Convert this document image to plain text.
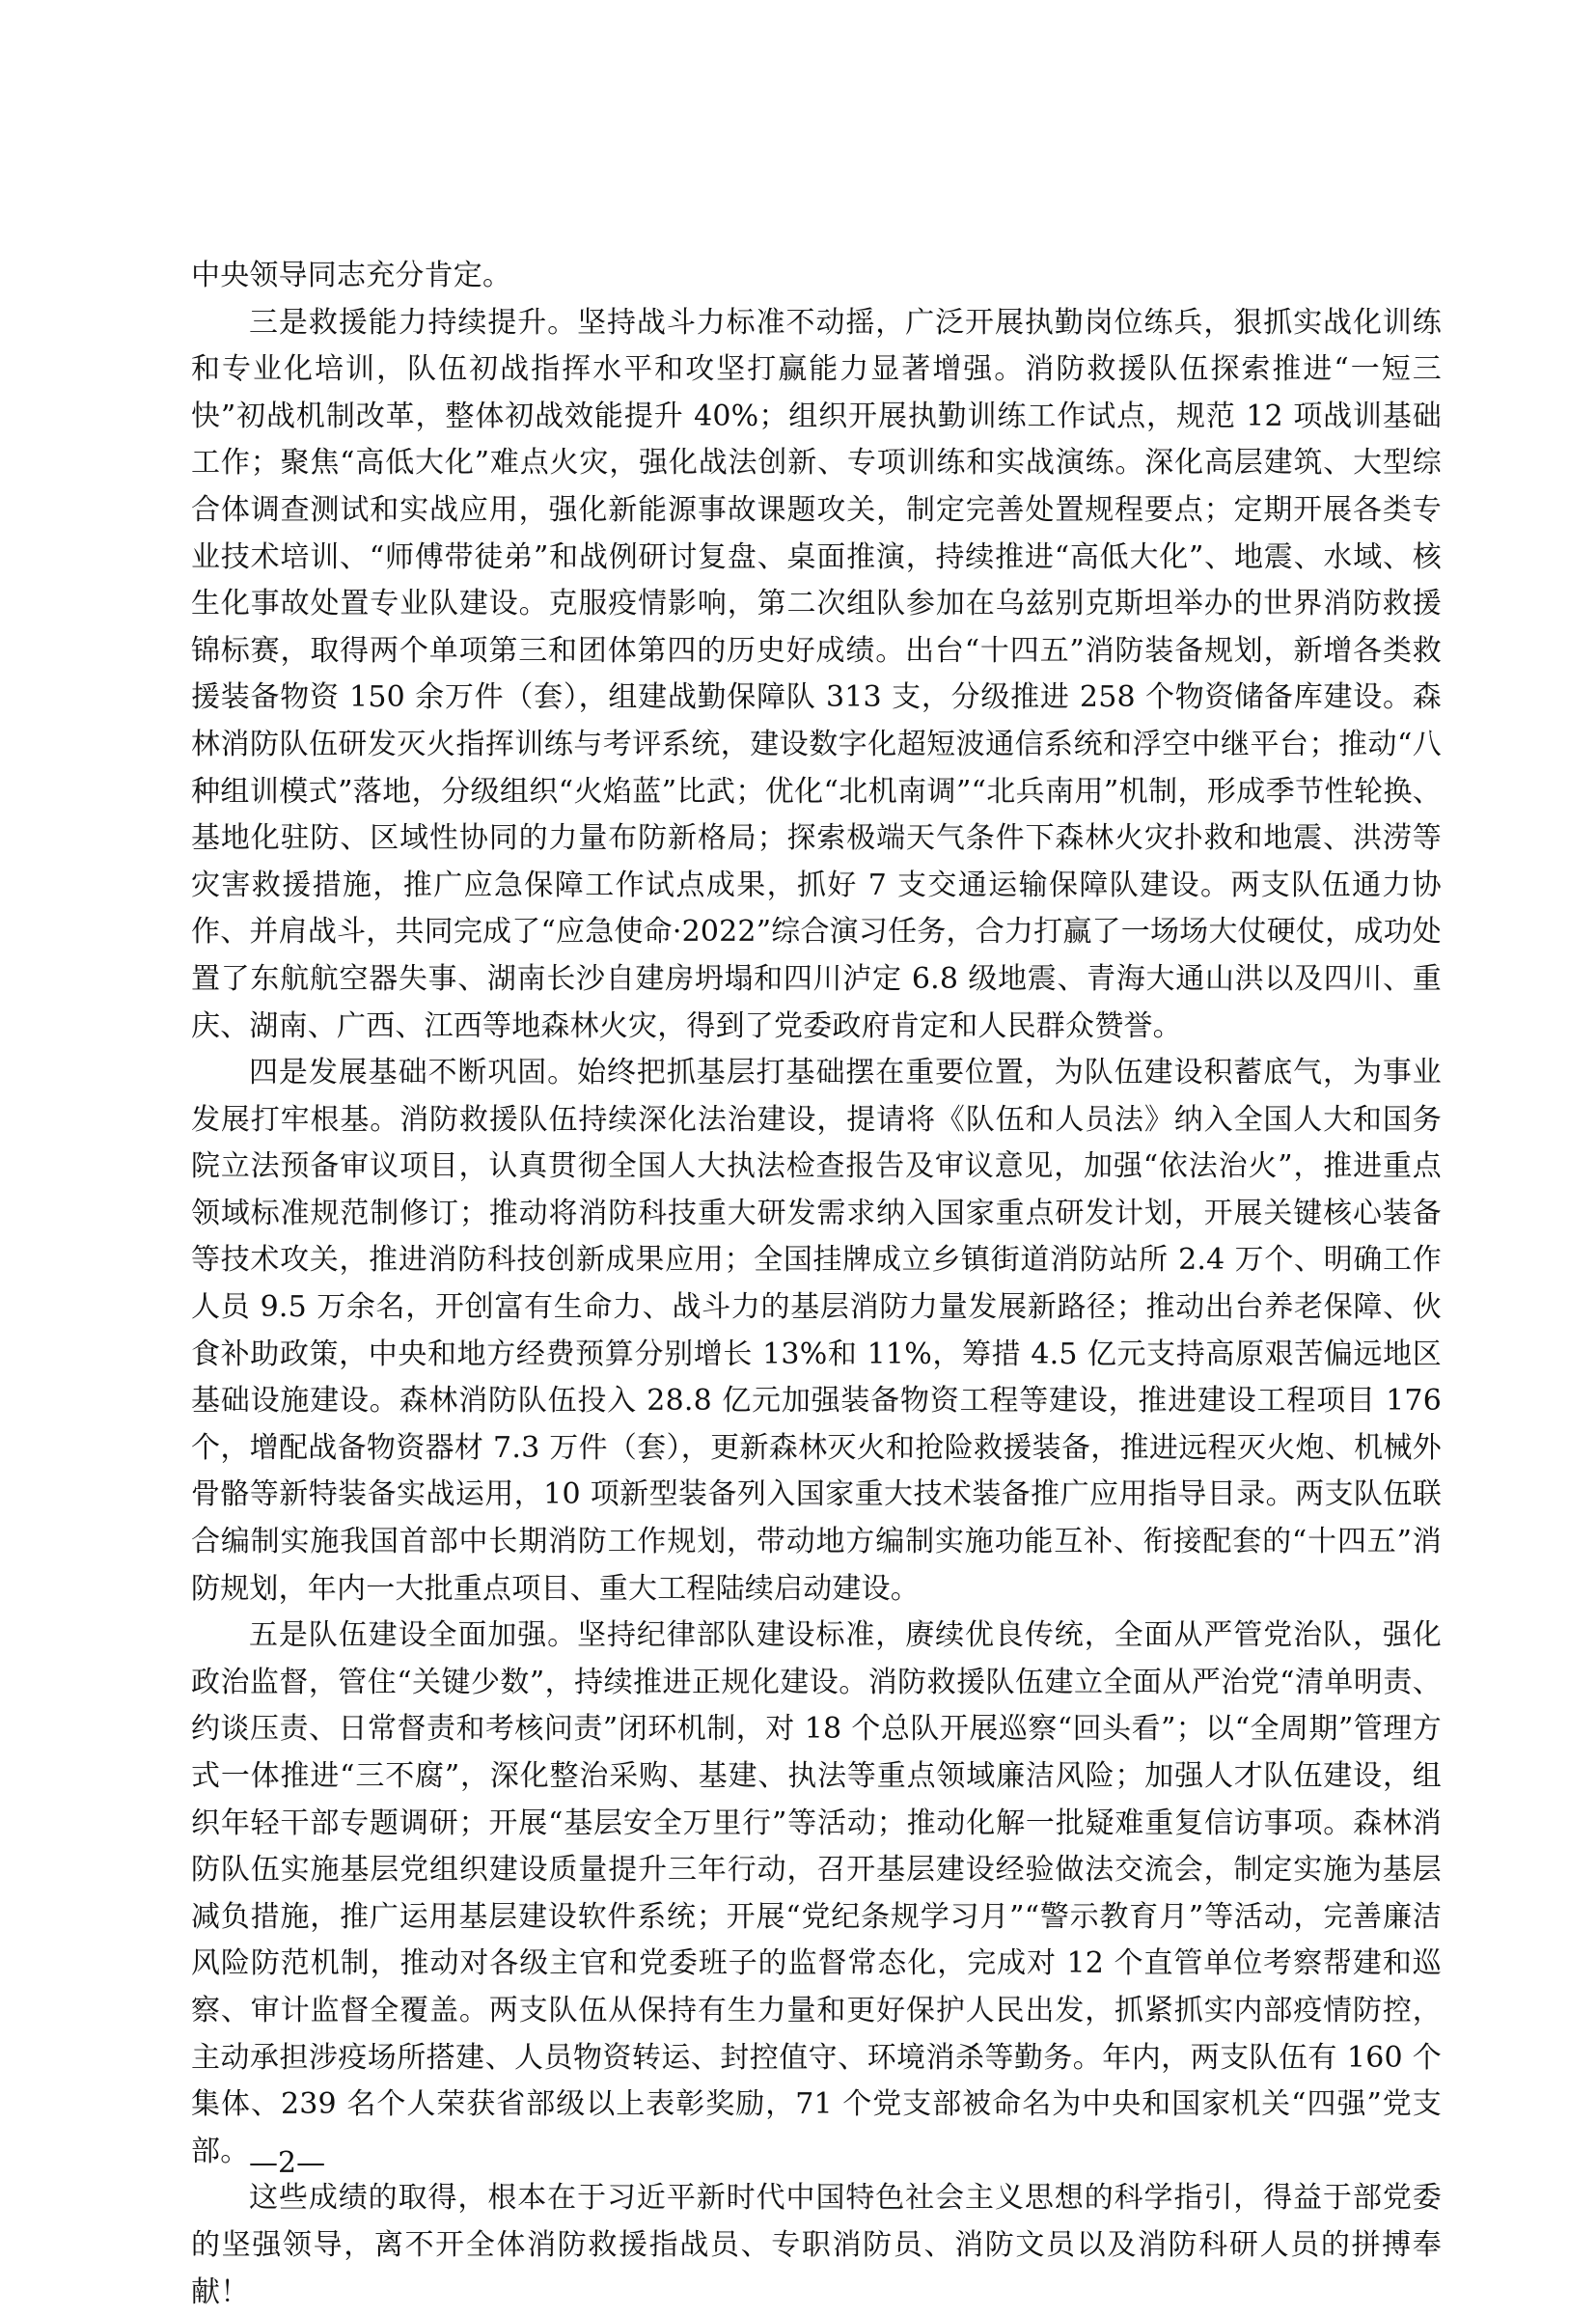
中央领导同志充分肯定。

三是救援能力持续提升。坚持战斗力标准不动摇，广泛开展执勤岗位练兵，狠抓实战化训练和专业化培训，队伍初战指挥水平和攻坚打赢能力显著增强。消防救援队伍探索推进“一短三快”初战机制改革，整体初战效能提升 40%；组织开展执勤训练工作试点，规范 12 项战训基础工作；聚焦“高低大化”难点火灾，强化战法创新、专项训练和实战演练。深化高层建筑、大型综合体调查测试和实战应用，强化新能源事故课题攻关，制定完善处置规程要点；定期开展各类专业技术培训、“师傅带徒弟”和战例研讨复盘、桌面推演，持续推进“高低大化”、地震、水域、核生化事故处置专业队建设。克服疫情影响，第二次组队参加在乌兹别克斯坦举办的世界消防救援锦标赛，取得两个单项第三和团体第四的历史好成绩。出台“十四五”消防装备规划，新增各类救援装备物资 150 余万件（套），组建战勤保障队 313 支，分级推进 258 个物资储备库建设。森林消防队伍研发灭火指挥训练与考评系统，建设数字化超短波通信系统和浮空中继平台；推动“八种组训模式”落地，分级组织“火焰蓝”比武；优化“北机南调”“北兵南用”机制，形成季节性轮换、基地化驻防、区域性协同的力量布防新格局；探索极端天气条件下森林火灾扑救和地震、洪涝等灾害救援措施，推广应急保障工作试点成果，抓好 7 支交通运输保障队建设。两支队伍通力协作、并肩战斗，共同完成了“应急使命·2022”综合演习任务，合力打赢了一场场大仗硬仗，成功处置了东航航空器失事、湖南长沙自建房坍塌和四川泸定 6.8 级地震、青海大通山洪以及四川、重庆、湖南、广西、江西等地森林火灾，得到了党委政府肯定和人民群众赞誉。

四是发展基础不断巩固。始终把抓基层打基础摆在重要位置，为队伍建设积蓄底气，为事业发展打牢根基。消防救援队伍持续深化法治建设，提请将《队伍和人员法》纳入全国人大和国务院立法预备审议项目，认真贯彻全国人大执法检查报告及审议意见，加强“依法治火”，推进重点领域标准规范制修订；推动将消防科技重大研发需求纳入国家重点研发计划，开展关键核心装备等技术攻关，推进消防科技创新成果应用；全国挂牌成立乡镇街道消防站所 2.4 万个、明确工作人员 9.5 万余名，开创富有生命力、战斗力的基层消防力量发展新路径；推动出台养老保障、伙食补助政策，中央和地方经费预算分别增长 13%和 11%，筹措 4.5 亿元支持高原艰苦偏远地区基础设施建设。森林消防队伍投入 28.8 亿元加强装备物资工程等建设，推进建设工程项目 176 个，增配战备物资器材 7.3 万件（套），更新森林灭火和抢险救援装备，推进远程灭火炮、机械外骨骼等新特装备实战运用，10 项新型装备列入国家重大技术装备推广应用指导目录。两支队伍联合编制实施我国首部中长期消防工作规划，带动地方编制实施功能互补、衔接配套的“十四五”消防规划，年内一大批重点项目、重大工程陆续启动建设。

五是队伍建设全面加强。坚持纪律部队建设标准，赓续优良传统，全面从严管党治队，强化政治监督，管住“关键少数”，持续推进正规化建设。消防救援队伍建立全面从严治党“清单明责、约谈压责、日常督责和考核问责”闭环机制，对 18 个总队开展巡察“回头看”；以“全周期”管理方式一体推进“三不腐”，深化整治采购、基建、执法等重点领域廉洁风险；加强人才队伍建设，组织年轻干部专题调研；开展“基层安全万里行”等活动；推动化解一批疑难重复信访事项。森林消防队伍实施基层党组织建设质量提升三年行动，召开基层建设经验做法交流会，制定实施为基层减负措施，推广运用基层建设软件系统；开展“党纪条规学习月”“警示教育月”等活动，完善廉洁风险防范机制，推动对各级主官和党委班子的监督常态化，完成对 12 个直管单位考察帮建和巡察、审计监督全覆盖。两支队伍从保持有生力量和更好保护人民出发，抓紧抓实内部疫情防控，主动承担涉疫场所搭建、人员物资转运、封控值守、环境消杀等勤务。年内，两支队伍有 160 个集体、239 名个人荣获省部级以上表彰奖励，71 个党支部被命名为中央和国家机关“四强”党支部。

这些成绩的取得，根本在于习近平新时代中国特色社会主义思想的科学指引，得益于部党委的坚强领导，离不开全体消防救援指战员、专职消防员、消防文员以及消防科研人员的拼搏奉献！

—2—
